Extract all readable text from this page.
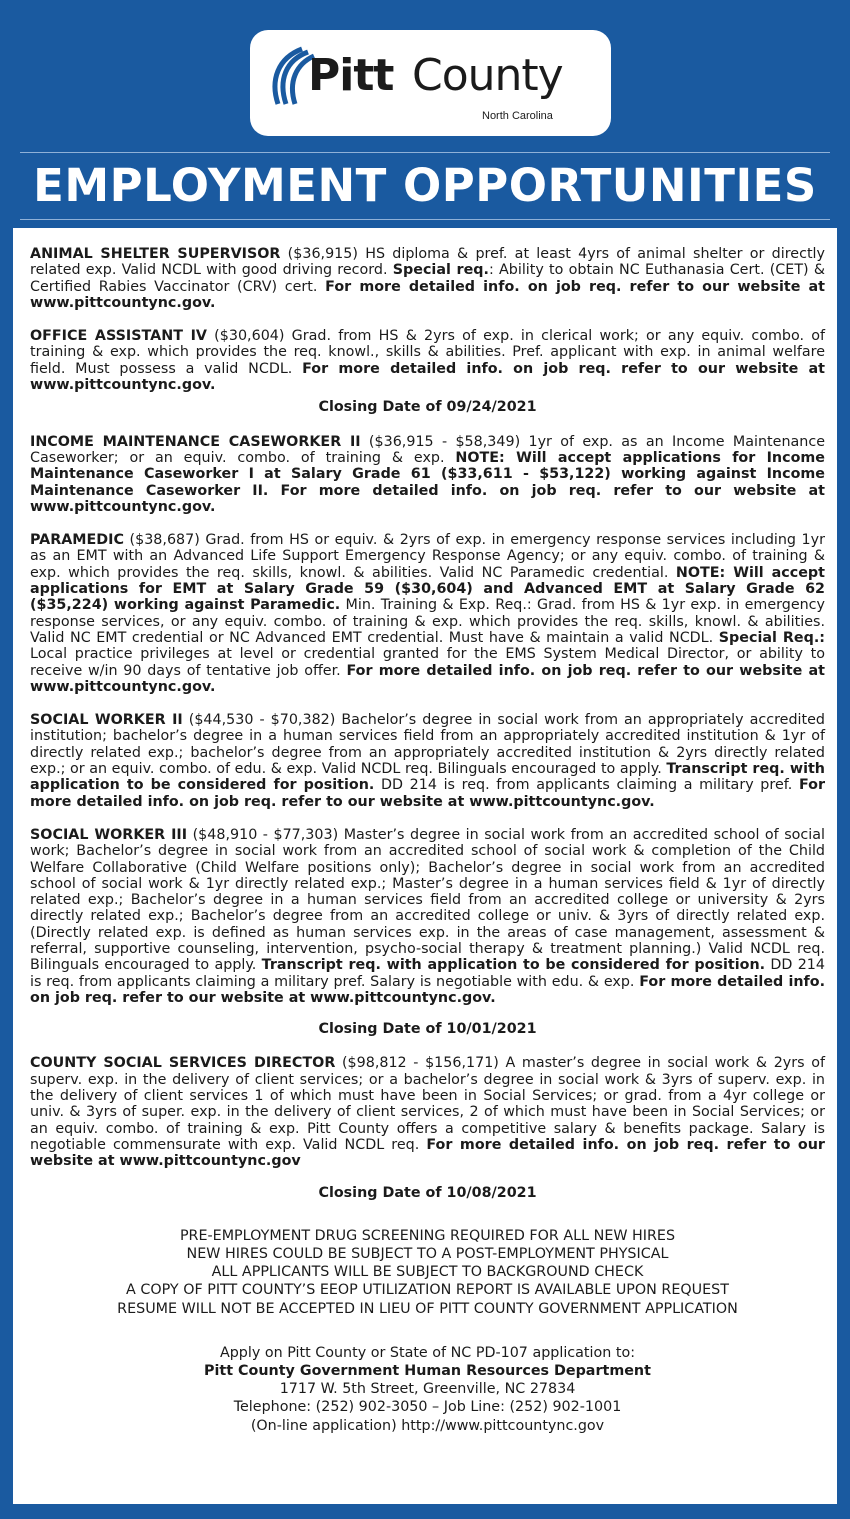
Pitt County
North Carolina
EMPLOYMENT OPPORTUNITIES

ANIMAL SHELTER SUPERVISOR ($36,915) HS diploma & pref. at least 4yrs of animal shelter or directly related exp. Valid NCDL with good driving record. Special req.: Ability to obtain NC Euthanasia Cert. (CET) & Certified Rabies Vaccinator (CRV) cert. For more detailed info. on job req. refer to our website at www.pittcountync.gov.

OFFICE ASSISTANT IV ($30,604) Grad. from HS & 2yrs of exp. in clerical work; or any equiv. combo. of training & exp. which provides the req. knowl., skills & abilities. Pref. applicant with exp. in animal welfare field. Must possess a valid NCDL. For more detailed info. on job req. refer to our website at www.pittcountync.gov.

Closing Date of 09/24/2021

INCOME MAINTENANCE CASEWORKER II ($36,915 - $58,349) 1yr of exp. as an Income Maintenance Caseworker; or an equiv. combo. of training & exp. NOTE: Will accept applications for Income Maintenance Caseworker I at Salary Grade 61 ($33,611 - $53,122) working against Income Maintenance Caseworker II. For more detailed info. on job req. refer to our website at www.pittcountync.gov.

PARAMEDIC ($38,687) Grad. from HS or equiv. & 2yrs of exp. in emergency response services including 1yr as an EMT with an Advanced Life Support Emergency Response Agency; or any equiv. combo. of training & exp. which provides the req. skills, knowl. & abilities. Valid NC Paramedic credential. NOTE: Will accept applications for EMT at Salary Grade 59 ($30,604) and Advanced EMT at Salary Grade 62 ($35,224) working against Paramedic. Min. Training & Exp. Req.: Grad. from HS & 1yr exp. in emergency response services, or any equiv. combo. of training & exp. which provides the req. skills, knowl. & abilities. Valid NC EMT credential or NC Advanced EMT credential. Must have & maintain a valid NCDL. Special Req.: Local practice privileges at level or credential granted for the EMS System Medical Director, or ability to receive w/in 90 days of tentative job offer. For more detailed info. on job req. refer to our website at www.pittcountync.gov.

SOCIAL WORKER II ($44,530 - $70,382) Bachelor’s degree in social work from an appropriately accredited institution; bachelor’s degree in a human services field from an appropriately accredited institution & 1yr of directly related exp.; bachelor’s degree from an appropriately accredited institution & 2yrs directly related exp.; or an equiv. combo. of edu. & exp. Valid NCDL req. Bilinguals encouraged to apply. Transcript req. with application to be considered for position. DD 214 is req. from applicants claiming a military pref. For more detailed info. on job req. refer to our website at www.pittcountync.gov.

SOCIAL WORKER III ($48,910 - $77,303) Master’s degree in social work from an accredited school of social work; Bachelor’s degree in social work from an accredited school of social work & completion of the Child Welfare Collaborative (Child Welfare positions only); Bachelor’s degree in social work from an accredited school of social work & 1yr directly related exp.; Master’s degree in a human services field & 1yr of directly related exp.; Bachelor’s degree in a human services field from an accredited college or university & 2yrs directly related exp.; Bachelor’s degree from an accredited college or univ. & 3yrs of directly related exp. (Directly related exp. is defined as human services exp. in the areas of case management, assessment & referral, supportive counseling, intervention, psycho-social therapy & treatment planning.) Valid NCDL req. Bilinguals encouraged to apply. Transcript req. with application to be considered for position. DD 214 is req. from applicants claiming a military pref. Salary is negotiable with edu. & exp. For more detailed info. on job req. refer to our website at www.pittcountync.gov.

Closing Date of 10/01/2021

COUNTY SOCIAL SERVICES DIRECTOR ($98,812 - $156,171) A master’s degree in social work & 2yrs of superv. exp. in the delivery of client services; or a bachelor’s degree in social work & 3yrs of superv. exp. in the delivery of client services 1 of which must have been in Social Services; or grad. from a 4yr college or univ. & 3yrs of super. exp. in the delivery of client services, 2 of which must have been in Social Services; or an equiv. combo. of training & exp. Pitt County offers a competitive salary & benefits package. Salary is negotiable commensurate with exp. Valid NCDL req. For more detailed info. on job req. refer to our website at www.pittcountync.gov

Closing Date of 10/08/2021

PRE-EMPLOYMENT DRUG SCREENING REQUIRED FOR ALL NEW HIRES
NEW HIRES COULD BE SUBJECT TO A POST-EMPLOYMENT PHYSICAL
ALL APPLICANTS WILL BE SUBJECT TO BACKGROUND CHECK
A COPY OF PITT COUNTY’S EEOP UTILIZATION REPORT IS AVAILABLE UPON REQUEST
RESUME WILL NOT BE ACCEPTED IN LIEU OF PITT COUNTY GOVERNMENT APPLICATION
Apply on Pitt County or State of NC PD-107 application to:
Pitt County Government Human Resources Department
1717 W. 5th Street, Greenville, NC 27834
Telephone: (252) 902-3050 – Job Line: (252) 902-1001
(On-line application) http://www.pittcountync.gov
